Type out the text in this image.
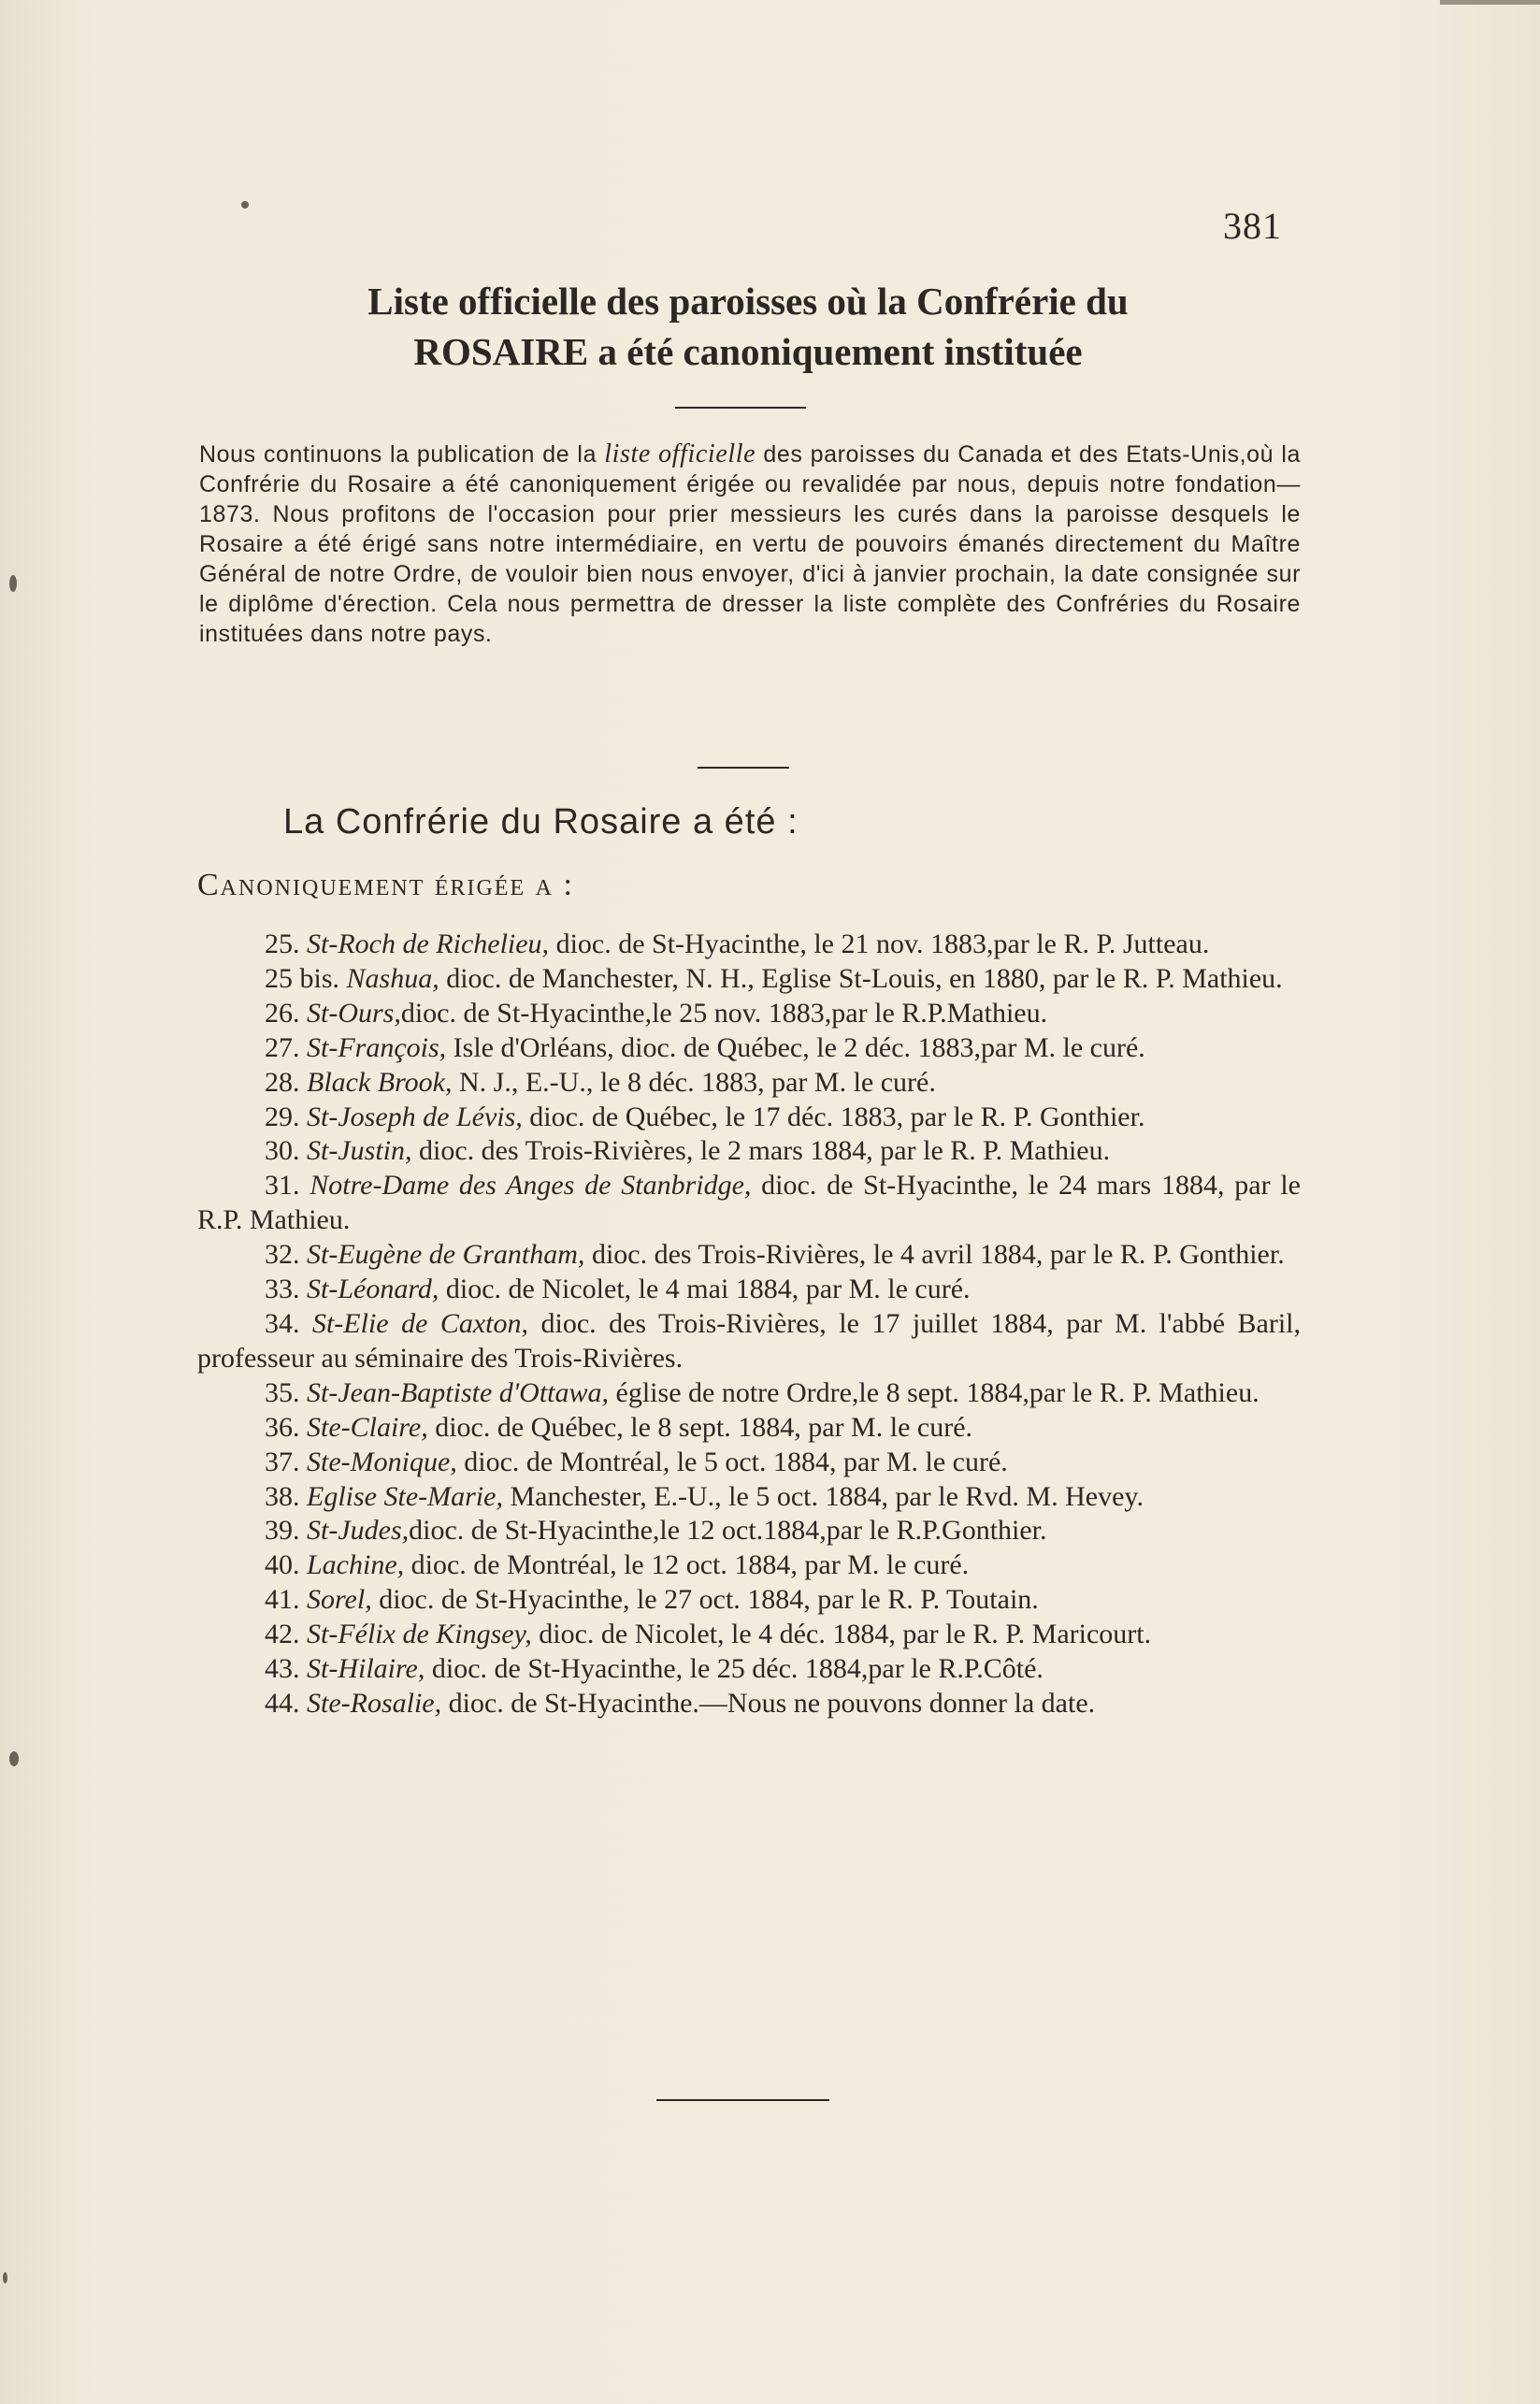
381
Liste officielle des paroisses où la Confrérie du
ROSAIRE a été canoniquement instituée

Nous continuons la publication de la liste officielle des paroisses du Canada et des Etats-Unis,où la Confrérie du Rosaire a été canoniquement érigée ou revalidée par nous, depuis notre fondation—1873. Nous profitons de l'occasion pour prier messieurs les curés dans la paroisse desquels le Rosaire a été érigé sans notre intermédiaire, en vertu de pouvoirs émanés directement du Maître Général de notre Ordre, de vouloir bien nous envoyer, d'ici à janvier prochain, la date consignée sur le diplôme d'érection. Cela nous permettra de dresser la liste complète des Confréries du Rosaire instituées dans notre pays.

La Confrérie du Rosaire a été :
Canoniquement érigée a :

25. St-Roch de Richelieu, dioc. de St-Hyacinthe, le 21 nov. 1883,par le R. P. Jutteau.

25 bis. Nashua, dioc. de Manchester, N. H., Eglise St-Louis, en 1880, par le R. P. Mathieu.

26. St-Ours,dioc. de St-Hyacinthe,le 25 nov. 1883,par le R.P.Mathieu.

27. St-François, Isle d'Orléans, dioc. de Québec, le 2 déc. 1883,par M. le curé.

28. Black Brook, N. J., E.-U., le 8 déc. 1883, par M. le curé.

29. St-Joseph de Lévis, dioc. de Québec, le 17 déc. 1883, par le R. P. Gonthier.

30. St-Justin, dioc. des Trois-Rivières, le 2 mars 1884, par le R. P. Mathieu.

31. Notre-Dame des Anges de Stanbridge, dioc. de St-Hyacinthe, le 24 mars 1884, par le R.P. Mathieu.

32. St-Eugène de Grantham, dioc. des Trois-Rivières, le 4 avril 1884, par le R. P. Gonthier.

33. St-Léonard, dioc. de Nicolet, le 4 mai 1884, par M. le curé.

34. St-Elie de Caxton, dioc. des Trois-Rivières, le 17 juillet 1884, par M. l'abbé Baril, professeur au séminaire des Trois-Rivières.

35. St-Jean-Baptiste d'Ottawa, église de notre Ordre,le 8 sept. 1884,par le R. P. Mathieu.

36. Ste-Claire, dioc. de Québec, le 8 sept. 1884, par M. le curé.

37. Ste-Monique, dioc. de Montréal, le 5 oct. 1884, par M. le curé.

38. Eglise Ste-Marie, Manchester, E.-U., le 5 oct. 1884, par le Rvd. M. Hevey.

39. St-Judes,dioc. de St-Hyacinthe,le 12 oct.1884,par le R.P.Gonthier.

40. Lachine, dioc. de Montréal, le 12 oct. 1884, par M. le curé.

41. Sorel, dioc. de St-Hyacinthe, le 27 oct. 1884, par le R. P. Toutain.

42. St-Félix de Kingsey, dioc. de Nicolet, le 4 déc. 1884, par le R. P. Maricourt.

43. St-Hilaire, dioc. de St-Hyacinthe, le 25 déc. 1884,par le R.P.Côté.

44. Ste-Rosalie, dioc. de St-Hyacinthe.—Nous ne pouvons donner la date.
